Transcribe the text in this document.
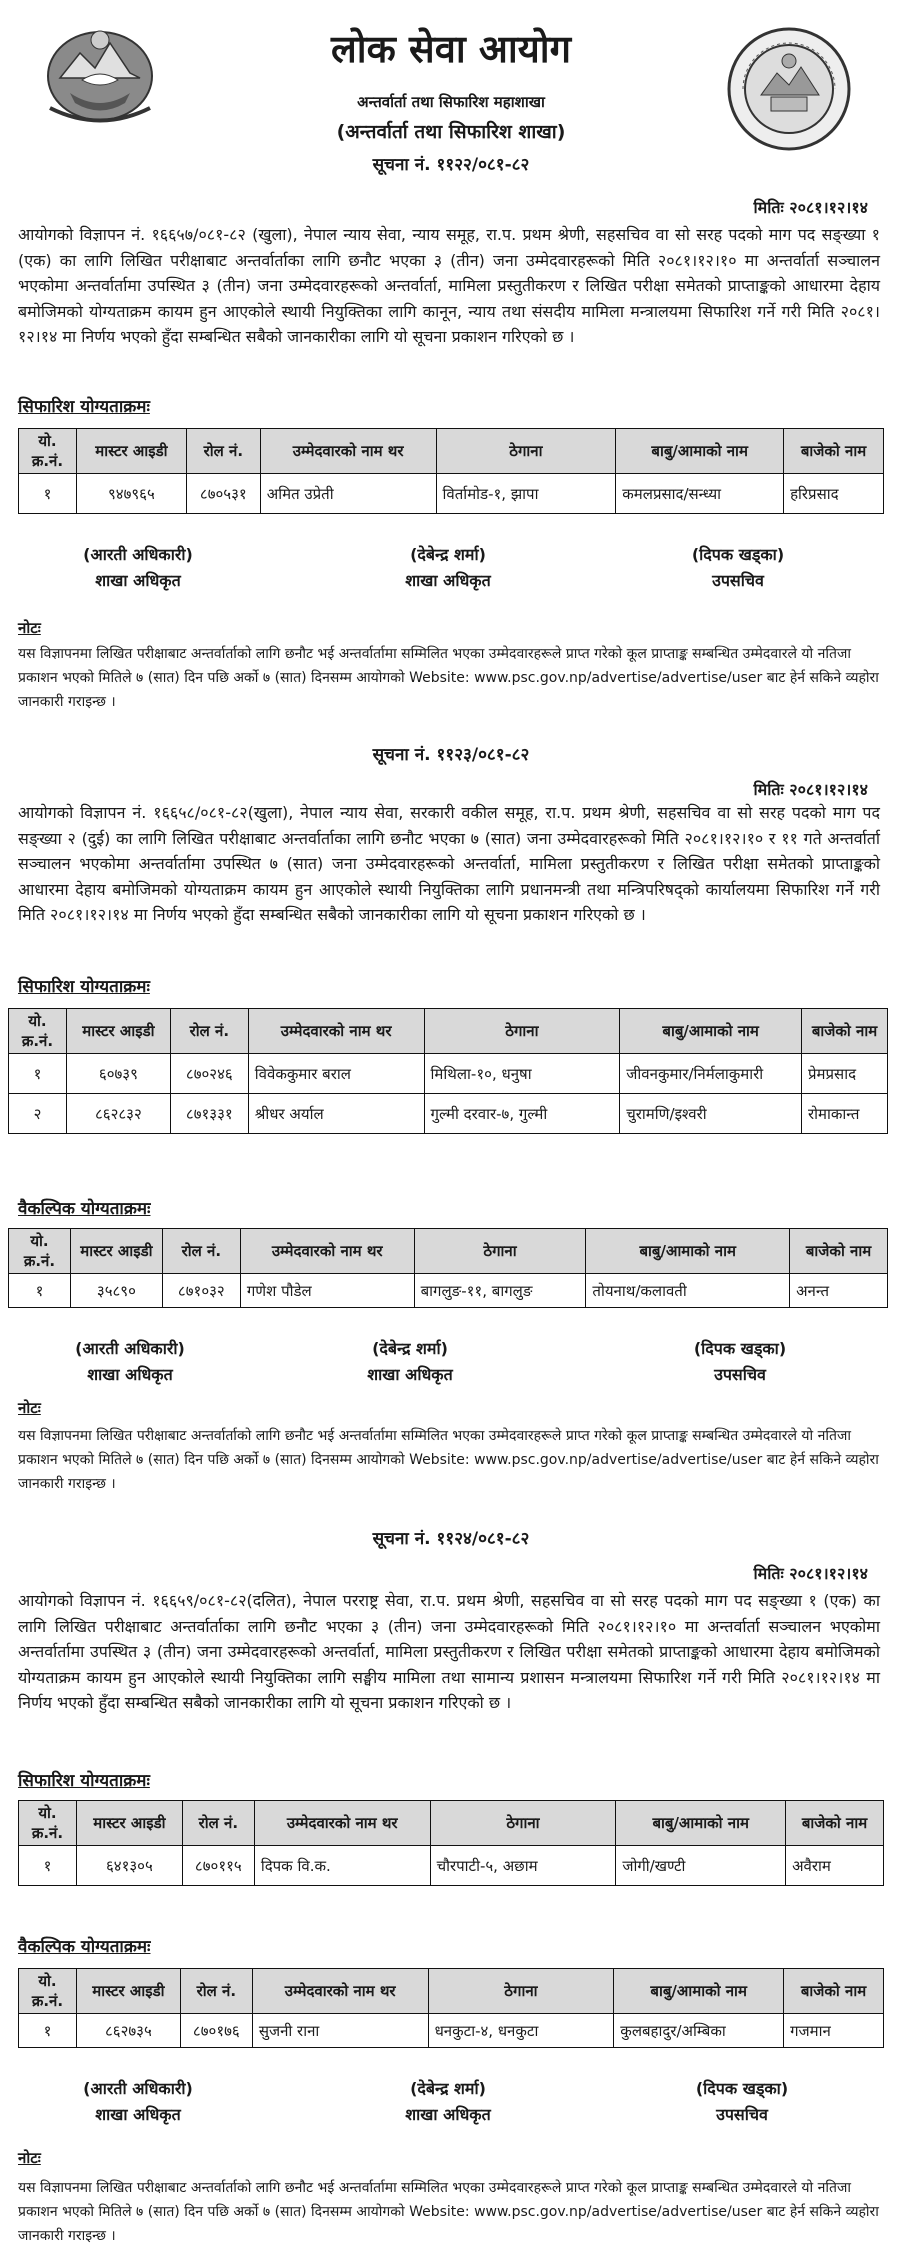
लोक सेवा आयोग
अन्तर्वार्ता तथा सिफारिश महाशाखा
(अन्तर्वार्ता तथा सिफारिश शाखा)
सूचना नं. ११२२/०८१-८२
मितिः २०८१।१२।१४
आयोगको विज्ञापन नं. १६६५७/०८१-८२ (खुला), नेपाल न्याय सेवा, न्याय समूह, रा.प. प्रथम श्रेणी, सहसचिव वा सो सरह पदको माग पद सङ्ख्या १ (एक) का लागि लिखित परीक्षाबाट अन्तर्वार्ताका लागि छनौट भएका ३ (तीन) जना उम्मेदवारहरूको मिति २०८१।१२।१० मा अन्तर्वार्ता सञ्चालन भएकोमा अन्तर्वार्तामा उपस्थित ३ (तीन) जना उम्मेदवारहरूको अन्तर्वार्ता, मामिला प्रस्तुतीकरण र लिखित परीक्षा समेतको प्राप्ताङ्कको आधारमा देहाय बमोजिमको योग्यताक्रम कायम हुन आएकोले स्थायी नियुक्तिका लागि कानून, न्याय तथा संसदीय मामिला मन्त्रालयमा सिफारिश गर्ने गरी मिति २०८१।१२।१४ मा निर्णय भएको हुँदा सम्बन्धित सबैको जानकारीका लागि यो सूचना प्रकाशन गरिएको छ ।
सिफारिश योग्यताक्रमः
यो. क्र.नं.	मास्टर आइडी	रोल नं.	उम्मेदवारको नाम थर	ठेगाना	बाबु/आमाको नाम	बाजेको नाम
१	९४७९६५	८७०५३१	अमित उप्रेती	विर्तामोड-१, झापा	कमलप्रसाद/सन्ध्या	हरिप्रसाद
(आरती अधिकारी)
शाखा अधिकृत
(देबेन्द्र शर्मा)
शाखा अधिकृत
(दिपक खड्का)
उपसचिव
नोटः
यस विज्ञापनमा लिखित परीक्षाबाट अन्तर्वार्ताको लागि छनौट भई अन्तर्वार्तामा सम्मिलित भएका उम्मेदवारहरूले प्राप्त गरेको कूल प्राप्ताङ्क सम्बन्धित उम्मेदवारले यो नतिजा प्रकाशन भएको मितिले ७ (सात) दिन पछि अर्को ७ (सात) दिनसम्म आयोगको Website: www.psc.gov.np/advertise/advertise/user बाट हेर्न सकिने व्यहोरा जानकारी गराइन्छ ।
सूचना नं. ११२३/०८१-८२
मितिः २०८१।१२।१४
आयोगको विज्ञापन नं. १६६५८/०८१-८२(खुला), नेपाल न्याय सेवा, सरकारी वकील समूह, रा.प. प्रथम श्रेणी, सहसचिव वा सो सरह पदको माग पद सङ्ख्या २ (दुई) का लागि लिखित परीक्षाबाट अन्तर्वार्ताका लागि छनौट भएका ७ (सात) जना उम्मेदवारहरूको मिति २०८१।१२।१० र ११ गते अन्तर्वार्ता सञ्चालन भएकोमा अन्तर्वार्तामा उपस्थित ७ (सात) जना उम्मेदवारहरूको अन्तर्वार्ता, मामिला प्रस्तुतीकरण र लिखित परीक्षा समेतको प्राप्ताङ्कको आधारमा देहाय बमोजिमको योग्यताक्रम कायम हुन आएकोले स्थायी नियुक्तिका लागि प्रधानमन्त्री तथा मन्त्रिपरिषद्को कार्यालयमा सिफारिश गर्ने गरी मिति २०८१।१२।१४ मा निर्णय भएको हुँदा सम्बन्धित सबैको जानकारीका लागि यो सूचना प्रकाशन गरिएको छ ।
सिफारिश योग्यताक्रमः
यो. क्र.नं.	मास्टर आइडी	रोल नं.	उम्मेदवारको नाम थर	ठेगाना	बाबु/आमाको नाम	बाजेको नाम
१	६०७३९	८७०२४६	विवेककुमार बराल	मिथिला-१०, धनुषा	जीवनकुमार/निर्मलाकुमारी	प्रेमप्रसाद
२	८६२८३२	८७१३३१	श्रीधर अर्याल	गुल्मी दरवार-७, गुल्मी	चुरामणि/इश्वरी	रोमाकान्त
वैकल्पिक योग्यताक्रमः
यो. क्र.नं.	मास्टर आइडी	रोल नं.	उम्मेदवारको नाम थर	ठेगाना	बाबु/आमाको नाम	बाजेको नाम
१	३५८९०	८७१०३२	गणेश पौडेल	बागलुङ-११, बागलुङ	तोयनाथ/कलावती	अनन्त
(आरती अधिकारी)
शाखा अधिकृत
(देबेन्द्र शर्मा)
शाखा अधिकृत
(दिपक खड्का)
उपसचिव
नोटः
यस विज्ञापनमा लिखित परीक्षाबाट अन्तर्वार्ताको लागि छनौट भई अन्तर्वार्तामा सम्मिलित भएका उम्मेदवारहरूले प्राप्त गरेको कूल प्राप्ताङ्क सम्बन्धित उम्मेदवारले यो नतिजा प्रकाशन भएको मितिले ७ (सात) दिन पछि अर्को ७ (सात) दिनसम्म आयोगको Website: www.psc.gov.np/advertise/advertise/user बाट हेर्न सकिने व्यहोरा जानकारी गराइन्छ ।
सूचना नं. ११२४/०८१-८२
मितिः २०८१।१२।१४
आयोगको विज्ञापन नं. १६६५९/०८१-८२(दलित), नेपाल परराष्ट्र सेवा, रा.प. प्रथम श्रेणी, सहसचिव वा सो सरह पदको माग पद सङ्ख्या १ (एक) का लागि लिखित परीक्षाबाट अन्तर्वार्ताका लागि छनौट भएका ३ (तीन) जना उम्मेदवारहरूको मिति २०८१।१२।१० मा अन्तर्वार्ता सञ्चालन भएकोमा अन्तर्वार्तामा उपस्थित ३ (तीन) जना उम्मेदवारहरूको अन्तर्वार्ता, मामिला प्रस्तुतीकरण र लिखित परीक्षा समेतको प्राप्ताङ्कको आधारमा देहाय बमोजिमको योग्यताक्रम कायम हुन आएकोले स्थायी नियुक्तिका लागि सङ्घीय मामिला तथा सामान्य प्रशासन मन्त्रालयमा सिफारिश गर्ने गरी मिति २०८१।१२।१४ मा निर्णय भएको हुँदा सम्बन्धित सबैको जानकारीका लागि यो सूचना प्रकाशन गरिएको छ ।
सिफारिश योग्यताक्रमः
यो. क्र.नं.	मास्टर आइडी	रोल नं.	उम्मेदवारको नाम थर	ठेगाना	बाबु/आमाको नाम	बाजेको नाम
१	६४१३०५	८७०११५	दिपक वि.क.	चौरपाटी-५, अछाम	जोगी/खण्टी	अवैराम
वैकल्पिक योग्यताक्रमः
यो. क्र.नं.	मास्टर आइडी	रोल नं.	उम्मेदवारको नाम थर	ठेगाना	बाबु/आमाको नाम	बाजेको नाम
१	८६२७३५	८७०१७६	सुजनी राना	धनकुटा-४, धनकुटा	कुलबहादुर/अम्बिका	गजमान
(आरती अधिकारी)
शाखा अधिकृत
(देबेन्द्र शर्मा)
शाखा अधिकृत
(दिपक खड्का)
उपसचिव
नोटः
यस विज्ञापनमा लिखित परीक्षाबाट अन्तर्वार्ताको लागि छनौट भई अन्तर्वार्तामा सम्मिलित भएका उम्मेदवारहरूले प्राप्त गरेको कूल प्राप्ताङ्क सम्बन्धित उम्मेदवारले यो नतिजा प्रकाशन भएको मितिले ७ (सात) दिन पछि अर्को ७ (सात) दिनसम्म आयोगको Website: www.psc.gov.np/advertise/advertise/user बाट हेर्न सकिने व्यहोरा जानकारी गराइन्छ ।
